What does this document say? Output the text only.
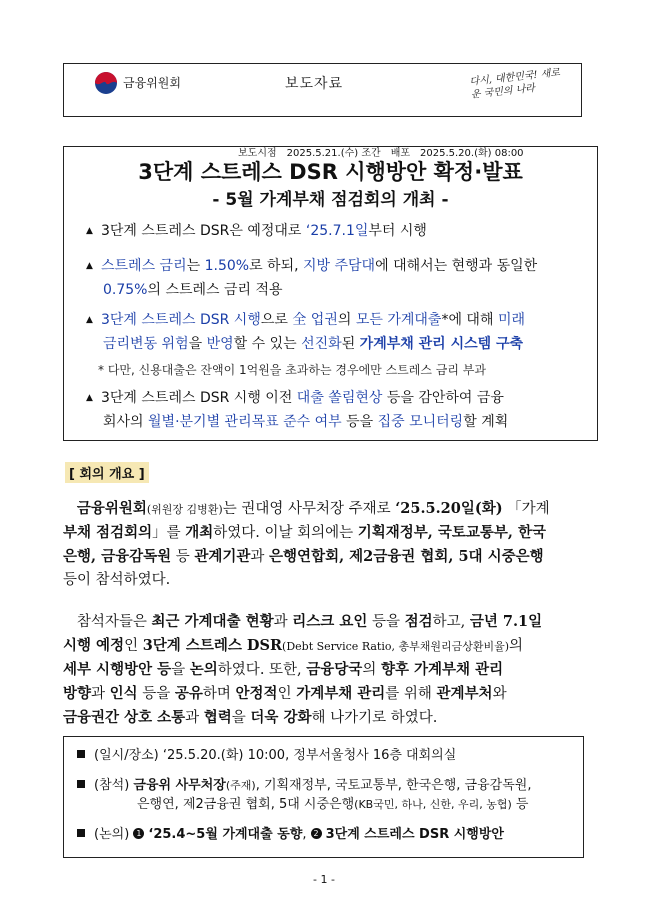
금융위원회	보도자료	다시, 대한민국! 새로운 국민의 나라
보도시점 2025.5.21.(수) 조간 배포 2025.5.20.(화) 08:00
3단계 스트레스 DSR 시행방안 확정·발표
- 5월 가계부채 점검회의 개최 -
▲ 3단계 스트레스 DSR은 예정대로 ‘25.7.1일부터 시행
▲ 스트레스 금리는 1.50%로 하되, 지방 주담대에 대해서는 현행과 동일한
0.75%의 스트레스 금리 적용
▲ 3단계 스트레스 DSR 시행으로 全 업권의 모든 가계대출*에 대해 미래
금리변동 위험을 반영할 수 있는 선진화된 가계부채 관리 시스템 구축
* 다만, 신용대출은 잔액이 1억원을 초과하는 경우에만 스트레스 금리 부과
▲ 3단계 스트레스 DSR 시행 이전 대출 쏠림현상 등을 감안하여 금융
회사의 월별·분기별 관리목표 준수 여부 등을 집중 모니터링할 계획
[ 회의 개요 ]
금융위원회(위원장 김병환)는 권대영 사무처장 주재로 ‘25.5.20일(화) 「가계
부채 점검회의」를 개최하였다. 이날 회의에는 기획재정부, 국토교통부, 한국
은행, 금융감독원 등 관계기관과 은행연합회, 제2금융권 협회, 5대 시중은행
등이 참석하였다.
참석자들은 최근 가계대출 현황과 리스크 요인 등을 점검하고, 금년 7.1일
시행 예정인 3단계 스트레스 DSR(Debt Service Ratio, 총부채원리금상환비율)의
세부 시행방안 등을 논의하였다. 또한, 금융당국의 향후 가계부채 관리
방향과 인식 등을 공유하며 안정적인 가계부채 관리를 위해 관계부처와
금융권간 상호 소통과 협력을 더욱 강화해 나가기로 하였다.
(일시/장소) ‘25.5.20.(화) 10:00, 정부서울청사 16층 대회의실
(참석) 금융위 사무처장(주재), 기획재정부, 국토교통부, 한국은행, 금융감독원,
은행연, 제2금융권 협회, 5대 시중은행(KB국민, 하나, 신한, 우리, 농협) 등
(논의) 1 ‘25.4~5월 가계대출 동향, 2 3단계 스트레스 DSR 시행방안
- 1 -
